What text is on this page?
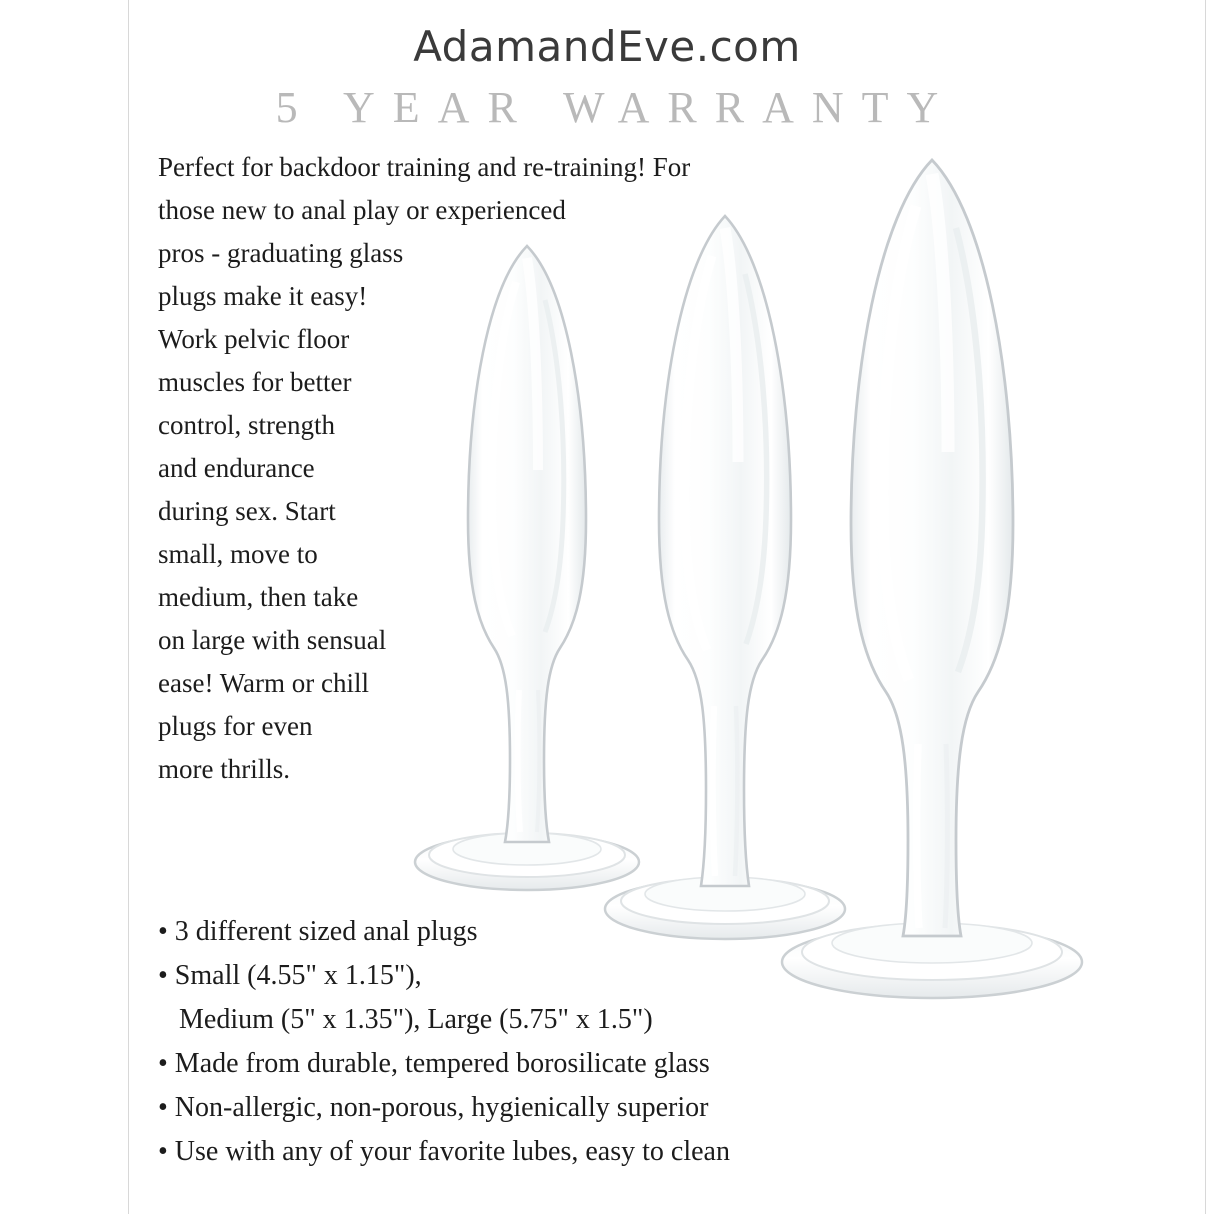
AdamandEve.com
5 YEAR WARRANTY
Perfect for backdoor training and re-training! For
those new to anal play or experienced
pros - graduating glass
plugs make it easy!
Work pelvic floor
muscles for better
control, strength
and endurance
during sex. Start
small, move to
medium, then take
on large with sensual
ease! Warm or chill
plugs for even
more thrills.
• 3 different sized anal plugs
• Small (4.55" x 1.15"),
Medium (5" x 1.35"), Large (5.75" x 1.5")
• Made from durable, tempered borosilicate glass
• Non-allergic, non-porous, hygienically superior
• Use with any of your favorite lubes, easy to clean
